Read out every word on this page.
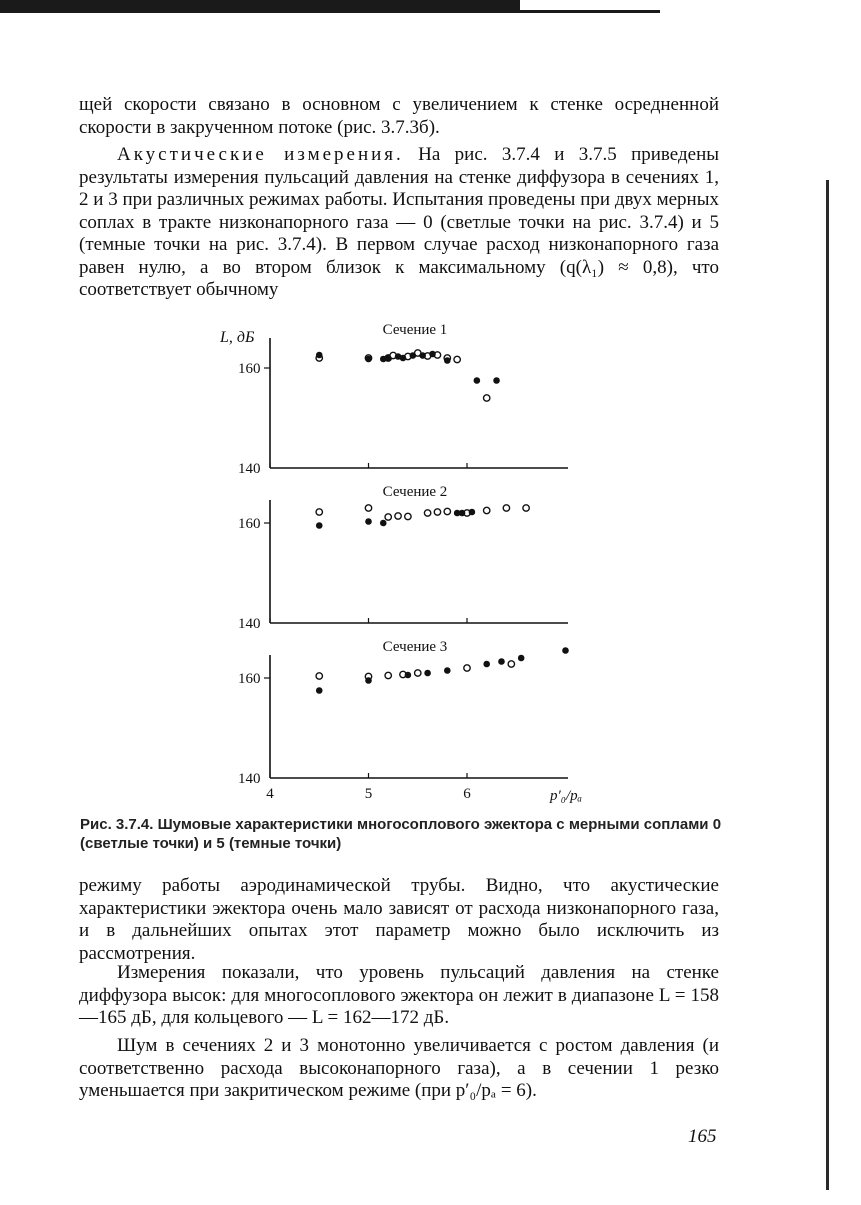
щей скорости связано в основном с увеличением к стенке осредненной скорости в закрученном потоке (рис. 3.7.3б).

Акустические измерения. На рис. 3.7.4 и 3.7.5 приведены результаты измерения пульсаций давления на стенке диффузора в сечениях 1, 2 и 3 при различных режимах работы. Испытания проведены при двух мерных соплах в тракте низконапорного газа — 0 (светлые точки на рис. 3.7.4) и 5 (темные точки на рис. 3.7.4). В первом случае расход низконапорного газа равен нулю, а во втором близок к максимальному (q(λ₁) ≈ 0,8), что соответствует обычному

L, дБ
160
140
Сечение 1
160
140
Сечение 2
160
140
Сечение 3
4	5	6	p′₀/pₐ
Рис. 3.7.4. Шумовые характеристики многосоплового эжектора с мерными соплами 0 (светлые точки) и 5 (темные точки)

режиму работы аэродинамической трубы. Видно, что акустические характеристики эжектора очень мало зависят от расхода низконапорного газа, и в дальнейших опытах этот параметр можно было исключить из рассмотрения.

Измерения показали, что уровень пульсаций давления на стенке диффузора высок: для многосоплового эжектора он лежит в диапазоне L = 158—165 дБ, для кольцевого — L = 162—172 дБ.

Шум в сечениях 2 и 3 монотонно увеличивается с ростом давления (и соответственно расхода высоконапорного газа), а в сечении 1 резко уменьшается при закритическом режиме (при p′₀/pₐ = 6).

165
